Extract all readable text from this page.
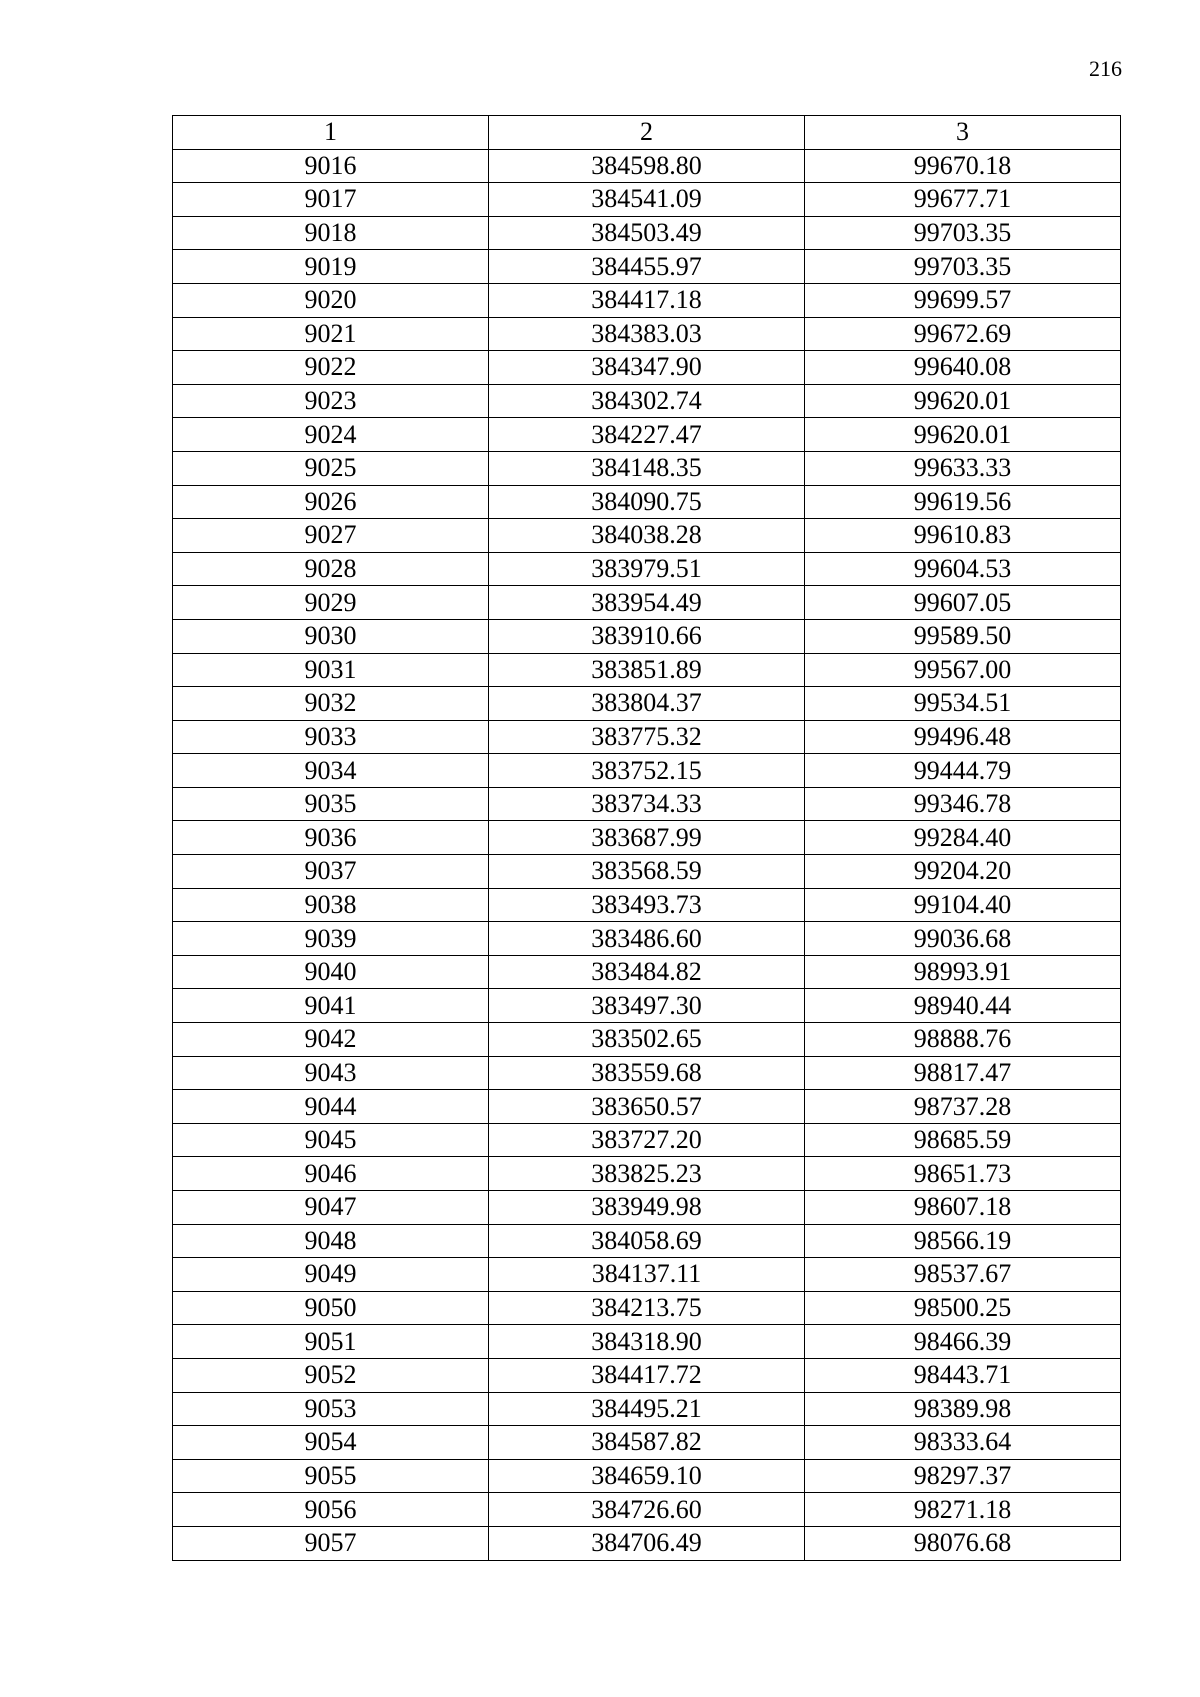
216
1	2	3
9016	384598.80	99670.18
9017	384541.09	99677.71
9018	384503.49	99703.35
9019	384455.97	99703.35
9020	384417.18	99699.57
9021	384383.03	99672.69
9022	384347.90	99640.08
9023	384302.74	99620.01
9024	384227.47	99620.01
9025	384148.35	99633.33
9026	384090.75	99619.56
9027	384038.28	99610.83
9028	383979.51	99604.53
9029	383954.49	99607.05
9030	383910.66	99589.50
9031	383851.89	99567.00
9032	383804.37	99534.51
9033	383775.32	99496.48
9034	383752.15	99444.79
9035	383734.33	99346.78
9036	383687.99	99284.40
9037	383568.59	99204.20
9038	383493.73	99104.40
9039	383486.60	99036.68
9040	383484.82	98993.91
9041	383497.30	98940.44
9042	383502.65	98888.76
9043	383559.68	98817.47
9044	383650.57	98737.28
9045	383727.20	98685.59
9046	383825.23	98651.73
9047	383949.98	98607.18
9048	384058.69	98566.19
9049	384137.11	98537.67
9050	384213.75	98500.25
9051	384318.90	98466.39
9052	384417.72	98443.71
9053	384495.21	98389.98
9054	384587.82	98333.64
9055	384659.10	98297.37
9056	384726.60	98271.18
9057	384706.49	98076.68
